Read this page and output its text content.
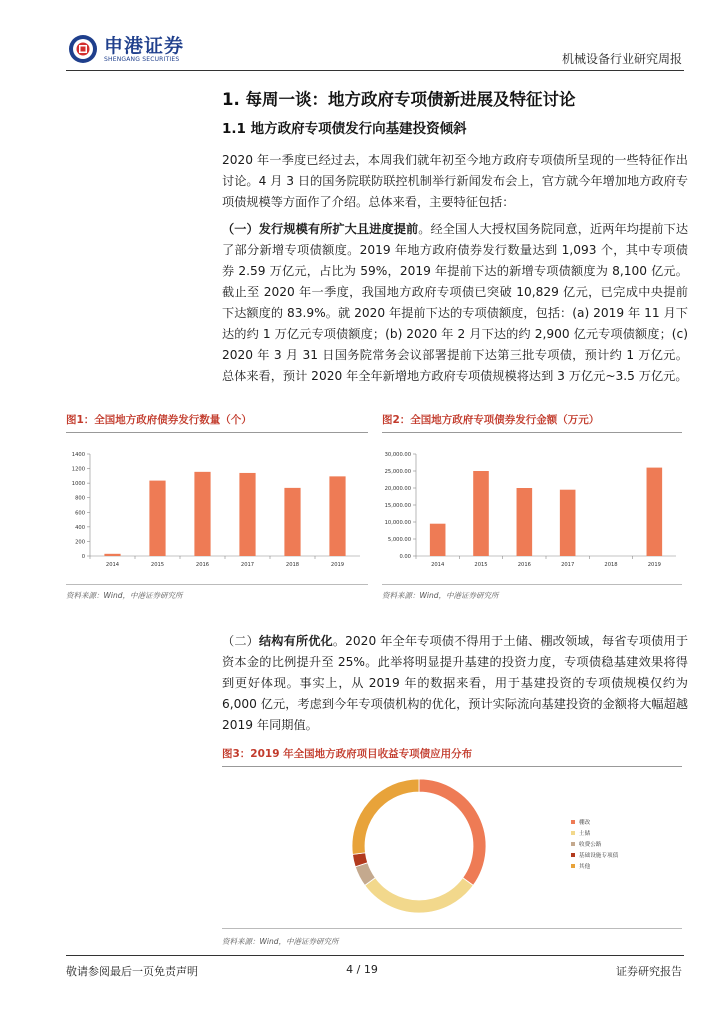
申港证券
SHENGANG SECURITIES	机械设备行业研究周报
1. 每周一谈：地方政府专项债新进展及特征讨论
1.1 地方政府专项债发行向基建投资倾斜
2020 年一季度已经过去，本周我们就年初至今地方政府专项债所呈现的一些特征作出讨论。4 月 3 日的国务院联防联控机制举行新闻发布会上，官方就今年增加地方政府专项债规模等方面作了介绍。总体来看，主要特征包括：
（一）发行规模有所扩大且进度提前。经全国人大授权国务院同意，近两年均提前下达了部分新增专项债额度。2019 年地方政府债券发行数量达到 1,093 个，其中专项债券 2.59 万亿元，占比为 59%，2019 年提前下达的新增专项债额度为 8,100 亿元。截止至 2020 年一季度，我国地方政府专项债已突破 10,829 亿元，已完成中央提前下达额度的 83.9%。就 2020 年提前下达的专项债额度，包括：(a) 2019 年 11 月下达的约 1 万亿元专项债额度；(b) 2020 年 2 月下达的约 2,900 亿元专项债额度；(c) 2020 年 3 月 31 日国务院常务会议部署提前下达第三批专项债，预计约 1 万亿元。总体来看，预计 2020 年全年新增地方政府专项债规模将达到 3 万亿元~3.5 万亿元。
图1：全国地方政府债券发行数量（个）
0
200
400
600
800
1000
1200
1400
2014	2015	2016	2017	2018	2019
资料来源：Wind，中港证券研究所
图2：全国地方政府专项债券发行金额（万元）
0.00
5,000.00
10,000.00
15,000.00
20,000.00
25,000.00
30,000.00
2014	2015	2016	2017	2018	2019
资料来源：Wind，中港证券研究所
（二）结构有所优化。2020 年全年专项债不得用于土储、棚改领域，每省专项债用于资本金的比例提升至 25%。此举将明显提升基建的投资力度，专项债稳基建效果将得到更好体现。事实上，从 2019 年的数据来看，用于基建投资的专项债规模仅约为 6,000 亿元，考虑到今年专项债机构的优化，预计实际流向基建投资的金额将大幅超越 2019 年同期值。
图3：2019 年全国地方政府项目收益专项债应用分布
棚改
土储
收费公路
基础设施专项债
其他
资料来源：Wind，中港证券研究所
敬请参阅最后一页免责声明	4 / 19	证券研究报告
